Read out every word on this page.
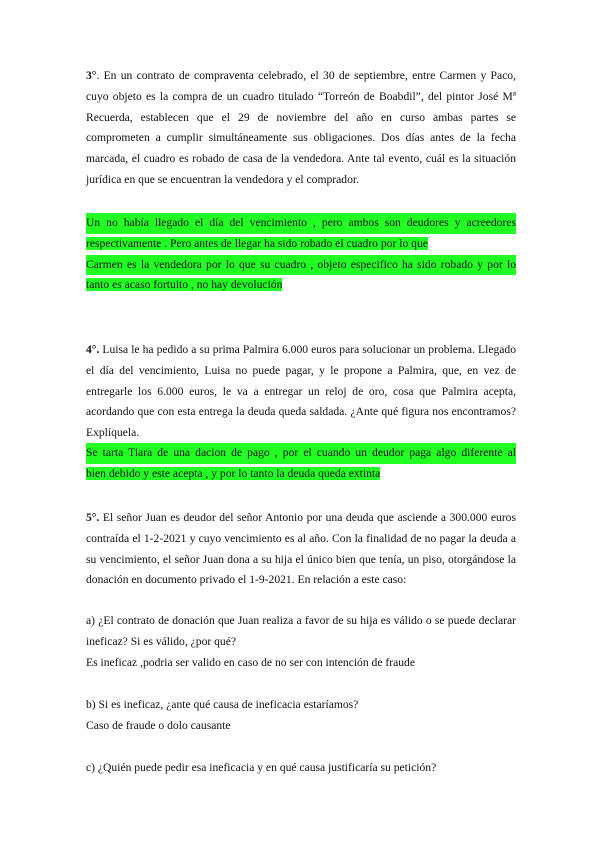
3°. En un contrato de compraventa celebrado, el 30 de septiembre, entre Carmen y Paco, cuyo objeto es la compra de un cuadro titulado “Torreón de Boabdil”, del pintor José Mª Recuerda, establecen que el 29 de noviembre del año en curso ambas partes se comprometen a cumplir simultáneamente sus obligaciones. Dos días antes de la fecha marcada, el cuadro es robado de casa de la vendedora. Ante tal evento, cuál es la situación jurídica en que se encuentran la vendedora y el comprador.

Un no había llegado el día del vencimiento , pero ambos son deudores y acreedores
respectivamente . Pero antes de llegar ha sido robado el cuadro por lo que

Carmen es la vendedora por lo que su cuadro , objeto especifico ha sido robado y por lo
tanto es acaso fortuito , no hay devolución

4°. Luisa le ha pedido a su prima Palmira 6.000 euros para solucionar un problema. Llegado el día del vencimiento, Luisa no puede pagar, y le propone a Palmira, que, en vez de entregarle los 6.000 euros, le va a entregar un reloj de oro, cosa que Palmira acepta, acordando que con esta entrega la deuda queda saldada. ¿Ante qué figura nos encontramos? Explíquela.

Se tarta Tiara de una dacion de pago , por el cuando un deudor paga algo diferente al
bien debido y este acepta , y por lo tanto la deuda queda extinta

5°. El señor Juan es deudor del señor Antonio por una deuda que asciende a 300.000 euros contraída el 1-2-2021 y cuyo vencimiento es al año. Con la finalidad de no pagar la deuda a su vencimiento, el señor Juan dona a su hija el único bien que tenía, un piso, otorgándose la donación en documento privado el 1-9-2021. En relación a este caso:

a) ¿El contrato de donación que Juan realiza a favor de su hija es válido o se puede declarar ineficaz? Si es válido, ¿por qué?

Es ineficaz ,podria ser valido en caso de no ser con intención de fraude
b) Si es ineficaz, ¿ante qué causa de ineficacia estaríamos?
Caso de fraude o dolo causante
c) ¿Quién puede pedir esa ineficacia y en qué causa justificaría su petición?
